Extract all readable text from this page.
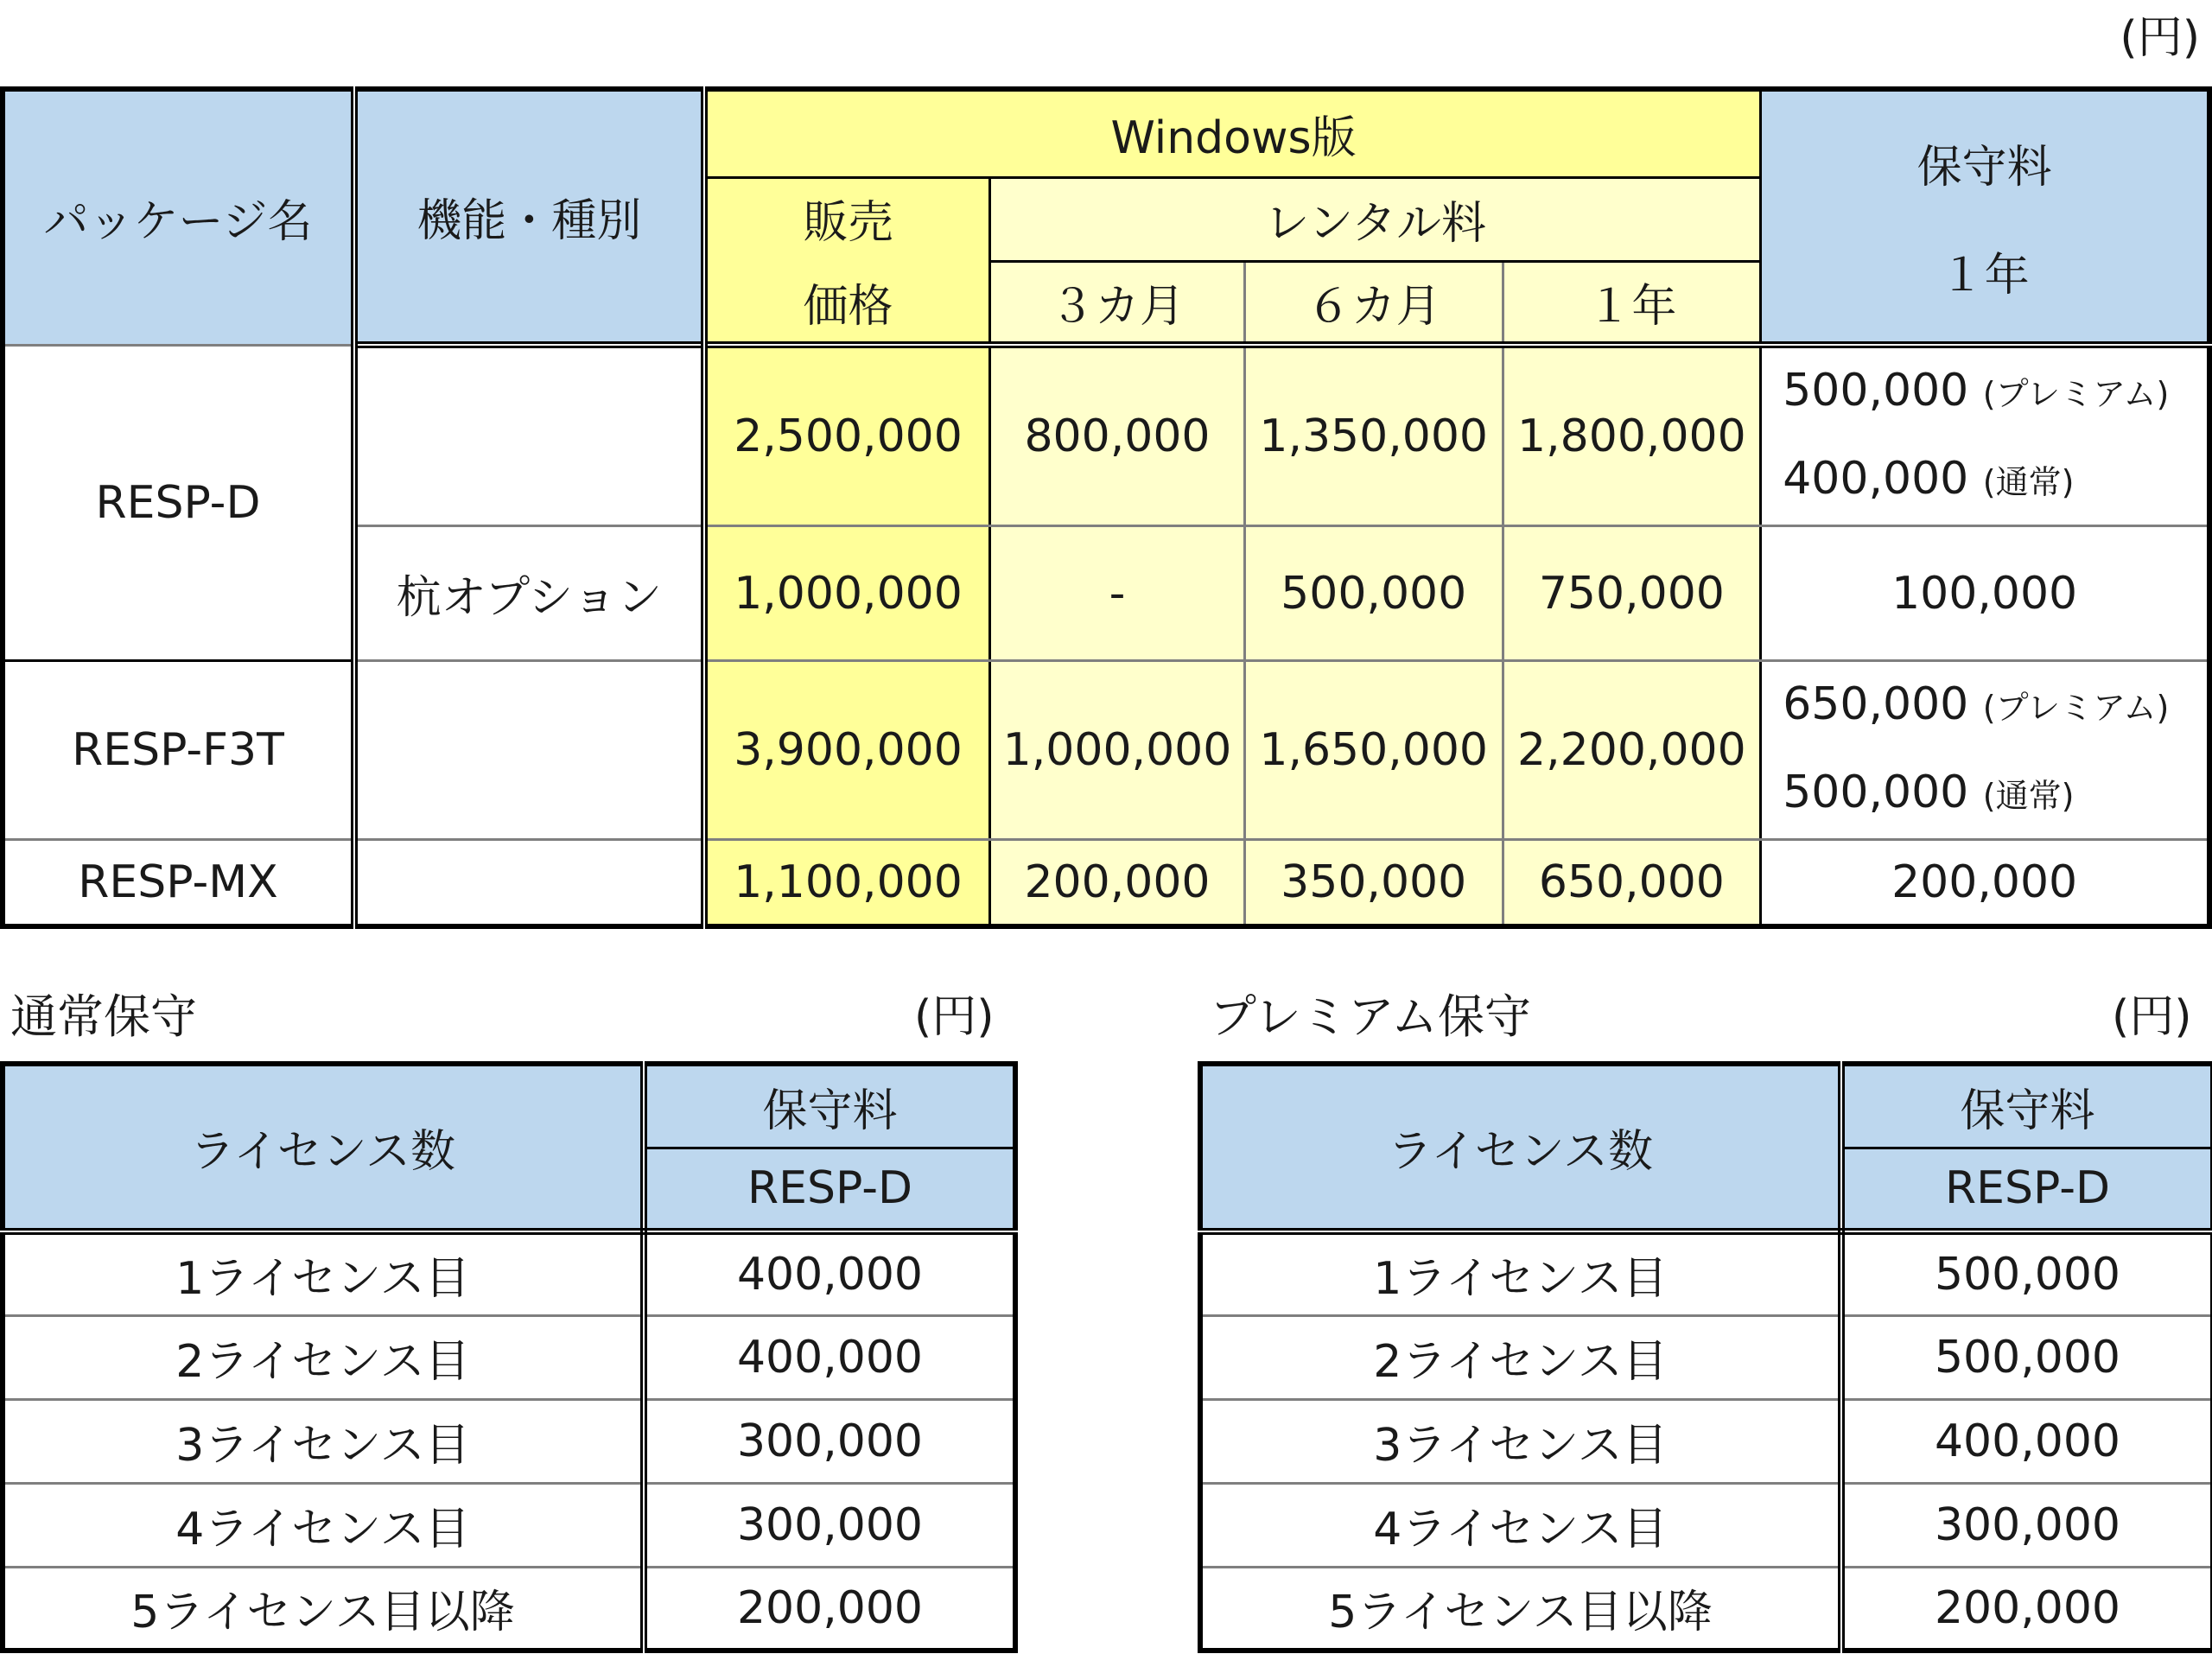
(円)
パッケージ名	機能・種別	Windows版				保守料
１年

		販売
価格	レンタル料			
			３カ月	６カ月	１年	
RESP-D		2,500,000	800,000	1,350,000	1,800,000	500,000 (プレミアム)
400,000 (通常)

	杭オプション	1,000,000	-	500,000	750,000	100,000
RESP-F3T		3,900,000	1,000,000	1,650,000	2,200,000	650,000 (プレミアム)
500,000 (通常)

RESP-MX		1,100,000	200,000	350,000	650,000	200,000
通常保守	(円)
ライセンス数	保守料
	RESP-D
1ライセンス目	400,000
2ライセンス目	400,000
3ライセンス目	300,000
4ライセンス目	300,000
5ライセンス目以降	200,000
プレミアム保守	(円)
ライセンス数	保守料
	RESP-D
1ライセンス目	500,000
2ライセンス目	500,000
3ライセンス目	400,000
4ライセンス目	300,000
5ライセンス目以降	200,000
